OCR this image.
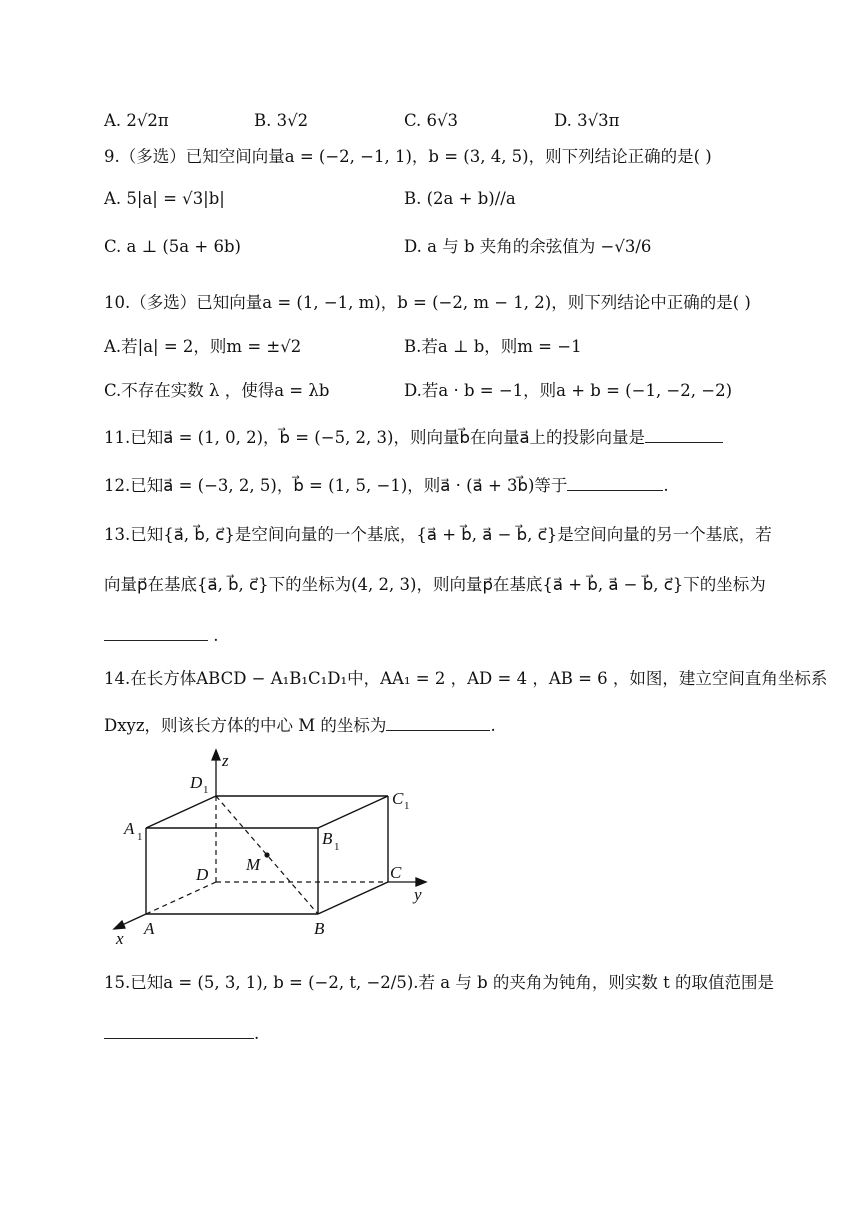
A. 2√2π	B. 3√2	C. 6√3	D. 3√3π
9.（多选）已知空间向量a = (−2, −1, 1)，b = (3, 4, 5)，则下列结论正确的是( )
A. 5|a| = √3|b|	B. (2a + b)//a
C. a ⊥ (5a + 6b)	D. a 与 b 夹角的余弦值为 −√3/6
10.（多选）已知向量a = (1, −1, m)，b = (−2, m − 1, 2)，则下列结论中正确的是( )
A.若|a| = 2，则m = ±√2	B.若a ⊥ b，则m = −1
C.不存在实数 λ ，使得a = λb	D.若a · b = −1，则a + b = (−1, −2, −2)
11.已知a⃗ = (1, 0, 2)，b⃗ = (−5, 2, 3)，则向量b⃗在向量a⃗上的投影向量是
12.已知a⃗ = (−3, 2, 5)，b⃗ = (1, 5, −1)，则a⃗ · (a⃗ + 3b⃗)等于	.
13.已知{a⃗, b⃗, c⃗}是空间向量的一个基底，{a⃗ + b⃗, a⃗ − b⃗, c⃗}是空间向量的另一个基底，若
向量p⃗在基底{a⃗, b⃗, c⃗}下的坐标为(4, 2, 3)，则向量p⃗在基底{a⃗ + b⃗, a⃗ − b⃗, c⃗}下的坐标为
.
14.在长方体ABCD − A₁B₁C₁D₁中，AA₁ = 2 ，AD = 4 ，AB = 6 ，如图，建立空间直角坐标系
Dxyz，则该长方体的中心 M 的坐标为	.
D 1	C 1
A 1	B 1
D	C
A	B
M
x
y
z
15.已知a = (5, 3, 1), b = (−2, t, −2/5).若 a 与 b 的夹角为钝角，则实数 t 的取值范围是
.
